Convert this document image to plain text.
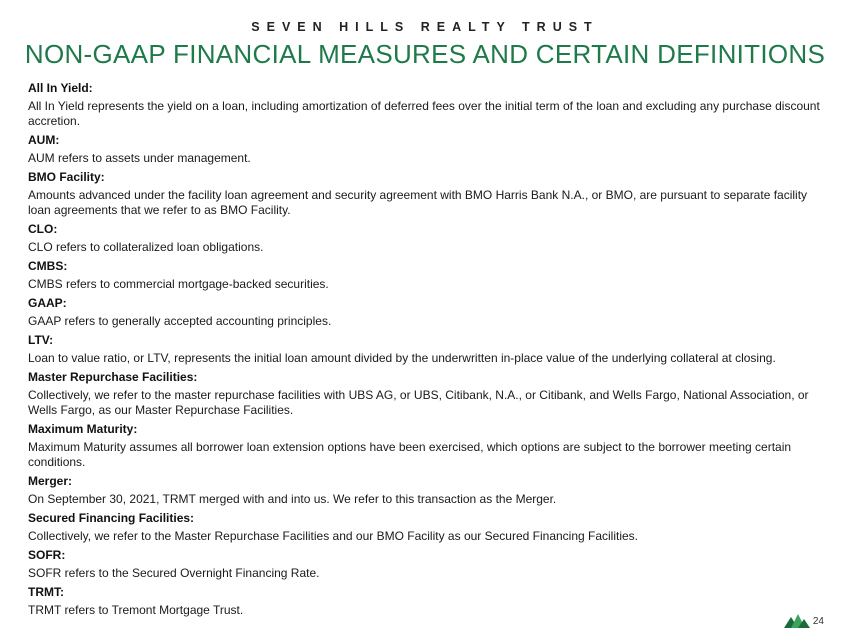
SEVEN HILLS REALTY TRUST
NON-GAAP FINANCIAL MEASURES AND CERTAIN DEFINITIONS

All In Yield:

All In Yield represents the yield on a loan, including amortization of deferred fees over the initial term of the loan and excluding any purchase discount accretion.

AUM:

AUM refers to assets under management.

BMO Facility:

Amounts advanced under the facility loan agreement and security agreement with BMO Harris Bank N.A., or BMO, are pursuant to separate facility loan agreements that we refer to as BMO Facility.

CLO:

CLO refers to collateralized loan obligations.

CMBS:

CMBS refers to commercial mortgage-backed securities.

GAAP:

GAAP refers to generally accepted accounting principles.

LTV:

Loan to value ratio, or LTV, represents the initial loan amount divided by the underwritten in-place value of the underlying collateral at closing.

Master Repurchase Facilities:

Collectively, we refer to the master repurchase facilities with UBS AG, or UBS, Citibank, N.A., or Citibank, and Wells Fargo, National Association, or Wells Fargo, as our Master Repurchase Facilities.

Maximum Maturity:

Maximum Maturity assumes all borrower loan extension options have been exercised, which options are subject to the borrower meeting certain conditions.

Merger:

On September 30, 2021, TRMT merged with and into us. We refer to this transaction as the Merger.

Secured Financing Facilities:

Collectively, we refer to the Master Repurchase Facilities and our BMO Facility as our Secured Financing Facilities.

SOFR:

SOFR refers to the Secured Overnight Financing Rate.

TRMT:

TRMT refers to Tremont Mortgage Trust.

24
